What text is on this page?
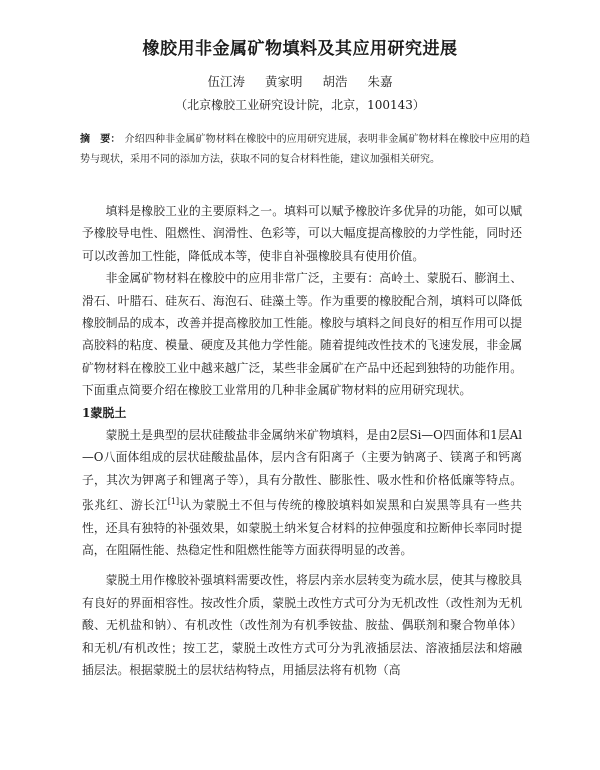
橡胶用非金属矿物填料及其应用研究进展
伍江涛 黄家明 胡浩 朱嘉
（北京橡胶工业研究设计院，北京，100143）
摘　要： 介绍四种非金属矿物材料在橡胶中的应用研究进展，表明非金属矿物材料在橡胶中应用的趋势与现状，采用不同的添加方法，获取不同的复合材料性能，建议加强相关研究。

填料是橡胶工业的主要原料之一。填料可以赋予橡胶许多优异的功能，如可以赋予橡胶导电性、阻燃性、润滑性、色彩等，可以大幅度提高橡胶的力学性能，同时还可以改善加工性能，降低成本等，使非自补强橡胶具有使用价值。

非金属矿物材料在橡胶中的应用非常广泛，主要有：高岭土、蒙脱石、膨润土、滑石、叶腊石、硅灰石、海泡石、硅藻土等。作为重要的橡胶配合剂，填料可以降低橡胶制品的成本，改善并提高橡胶加工性能。橡胶与填料之间良好的相互作用可以提高胶料的粘度、模量、硬度及其他力学性能。随着提纯改性技术的飞速发展，非金属矿物材料在橡胶工业中越来越广泛，某些非金属矿在产品中还起到独特的功能作用。下面重点简要介绍在橡胶工业常用的几种非金属矿物材料的应用研究现状。

1蒙脱土

蒙脱土是典型的层状硅酸盐非金属纳米矿物填料，是由2层Si—O四面体和1层Al—O八面体组成的层状硅酸盐晶体，层内含有阳离子（主要为钠离子、镁离子和钙离子，其次为钾离子和锂离子等），具有分散性、膨胀性、吸水性和价格低廉等特点。张兆红、游长江[1]认为蒙脱土不但与传统的橡胶填料如炭黑和白炭黑等具有一些共性，还具有独特的补强效果，如蒙脱土纳米复合材料的拉伸强度和拉断伸长率同时提高，在阻隔性能、热稳定性和阻燃性能等方面获得明显的改善。

蒙脱土用作橡胶补强填料需要改性，将层内亲水层转变为疏水层，使其与橡胶具有良好的界面相容性。按改性介质，蒙脱土改性方式可分为无机改性（改性剂为无机酸、无机盐和钠）、有机改性（改性剂为有机季铵盐、胺盐、偶联剂和聚合物单体）和无机/有机改性；按工艺，蒙脱土改性方式可分为乳液插层法、溶液插层法和熔融插层法。根据蒙脱土的层状结构特点，用插层法将有机物（高
